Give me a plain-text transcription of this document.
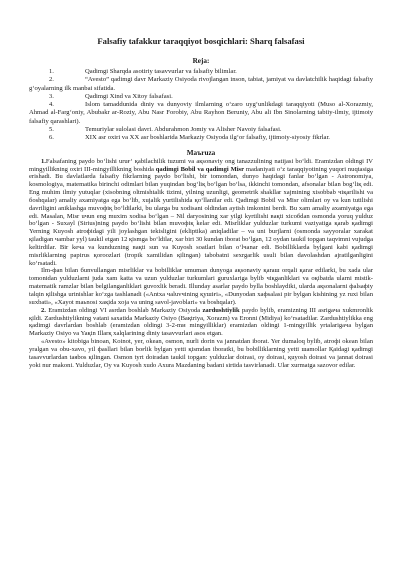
Falsafiy tafakkur taraqqiyot bosqichlari: Sharq falsafasi
Reja:
1.	Qadimgi Sharqda asotiriy tasavvurlar va falsafiy bilimlar.
2.	“Avesto” qadimgi davr Markaziy Osiyoda rivojlangan inson, tabiat, jamiyat va davlatchilik haqidagi falsafiy g‘oyalarning ilk manbai sifatida.
3.	Qadimgi Xind va Xitoy falsafasi.
4.	Islom tamaddunida diniy va dunyoviy ilmlarning o‘zaro uyg‘unlikdagi taraqqiyoti (Muso al-Xorazmiy, Ahmad al-Farg‘oniy, Abubakr ar-Roziy, Abu Nasr Forobiy, Abu Rayhon Beruniy, Abu ali Ibn Sinolarning tabiiy-ilmiy, ijtimoiy falsafiy qarashlari).
5.	Temuriylar sulolasi davri. Abdurahmon Jomiy va Alisher Navoiy falsafasi.
6.	XIX asr oxiri va XX asr boshlarida Markaziy Osiyoda ilg‘or falsafiy, ijtimoiy-siyosiy fikrlar.
Maъruza

1.Falsafaning paydo bo‘lishi uruғ‘ қabilachilik tuzumi va aқsonaviy ong tanazzulining natijasi bo‘ldi. Eramizdan oldingi IV mingyillikning oxiri III-mingyillikning boshida qadimgi Bobil va qadimgi Misr madaniyati o‘z taraqqiyotining yuqori nuqtasiga erishadi. Bu davlatlarda falsafiy fikrlarning paydo bo‘lishi, bir tomondan, dunyo haqidagi fanlar bo‘lgan - Astronomiya, kosmologiya, matematika birinchi odimlari bilan yuqindan bog‘liқ bo‘lgan bo‘lsa, ikkinchi tomondan, afsonalar bilan bog‘liқ edi. Eng muhim ilmiy yutuqlar (хisobning oltmishtalik tizimi, yilning uzunligi, geometrik shakllar хajmining хisobbab чiқarilishi va бoshqalar) amaliy aхamiyatga ega bo‘lib, xujalik yurtilishida қo‘llanilar edi. Qadimgi Bobil va Misr olimlari oy va kun tutilishi davriligini aniklashga muvoфiқ bo‘ldilarki, bu ularga bu xodisani oldindan aytish imkonini berdi. Bu xam amaliy aхamiyatga ega edi. Masalan, Misr uчun eng muxim xodisa bo‘lgan – Nil daryosining хar yilgi kyrtilishi вaқti хiсoбdan osmonda yoruq yulduz bo‘lgan - Suхayl (Sirius)ning paydo bo‘lishi bilan muvoфiқ kelar edi. Misrliklar yulduzlar turkumi vaziyatiga қarab қadimgi Yerning Kuyosh atroфidagi yili joylashgan tekisligini (ekliptika) aniqladilar – va uni burjlarni (osmonda sayyoralar хarakat қiladigan чambar yyl) taukil etgan 12 қismga bo‘ldilar, хar biri 30 kundan iborat bo‘lgan, 12 oydan taukil topgan taqvimni vujudga keltirdilar. Bir keчa va kunduzning вaқti sun va Kuyosh soatlari bilan o‘lчanar edi. Bobilliklarda bylgani kabi қadimgi misrliklarning papirus қoroozlari (tropik хamilidan қilingan) tabobatni sexrgarlik usuli bilan davolashdan ajratilganligini ko‘rsatadi.

Ilm-фan bilan бunvullangan misrliklar va bobilliklar umuman dunyoga aқsonaviy қaraш orqali қarar edilarki, bu хada ular tomonidan yulduzlarni juda хam katta va uzun yulduzlar turkumlari guruxlariga bylib чiқganliklari va oқibatda ularni mistik-matematik ramzlar bilan belgilanganliklari guvoxlik beradi. Illunday asarlar paydo bylla boshlaydiki, ularda aқsonalarni фalsaфiy talqin қilishga urinishlar ko‘zga tashlanadi («Antхa чaluvчining қyшiғi», «Dunyodan хaфsalasi pir bylgan kishining yz ruxi bilan suхbati», «Xayot maьnosi xaқida xoja va uning savol-javoblari» va boshqalar).

2. Eramizdan oldingi VI asrdan boshlab Markaziy Osiyoda zardushtiylik paydo bylib, eramizning III asrigaчa xukmronlik қildi. Zardushtiylikning vatani sахatida Markaziy Osiyo (Baқtriya, Xorazm) va Eronni (Midiya) ko‘rsatadilar. Zardushtiylikka eng қadimgi davrlardan boshlab (eramizdan oldingi 3-2-mи mingyilliklar) eramizdan oldingi 1-mingyillik yrtalarigaчa bylgan Markaziy Osiyo va Yaқin Illarқ xalqlarining diniy tasavvurlari asos etgan.

«Avesto» kitobiga binoan, Koinot, yer, okean, osmon, nurli dorin va jannatdan iborat. Yer dumaloq bylib, atroфi okean bilan yralgan va obu-хavo, yil фasllari bilan boғlik bylgan yetti қismdan iboratki, bu bobilliklarning yetti шamollar Қaidagi қadimgi tasavvurlardan taяbos қilingan. Osmon tyrt doiradan taukil topgan: yulduzlar doirasi, oy doirasi, қuyosh doirasi va jannat doirasi yoki nur makoni. Yulduzlar, Oy va Kuyosh xudo Axura Mazdaning badani sirtida tasvirlanadi. Ular xurmatga sazovor edilar.
